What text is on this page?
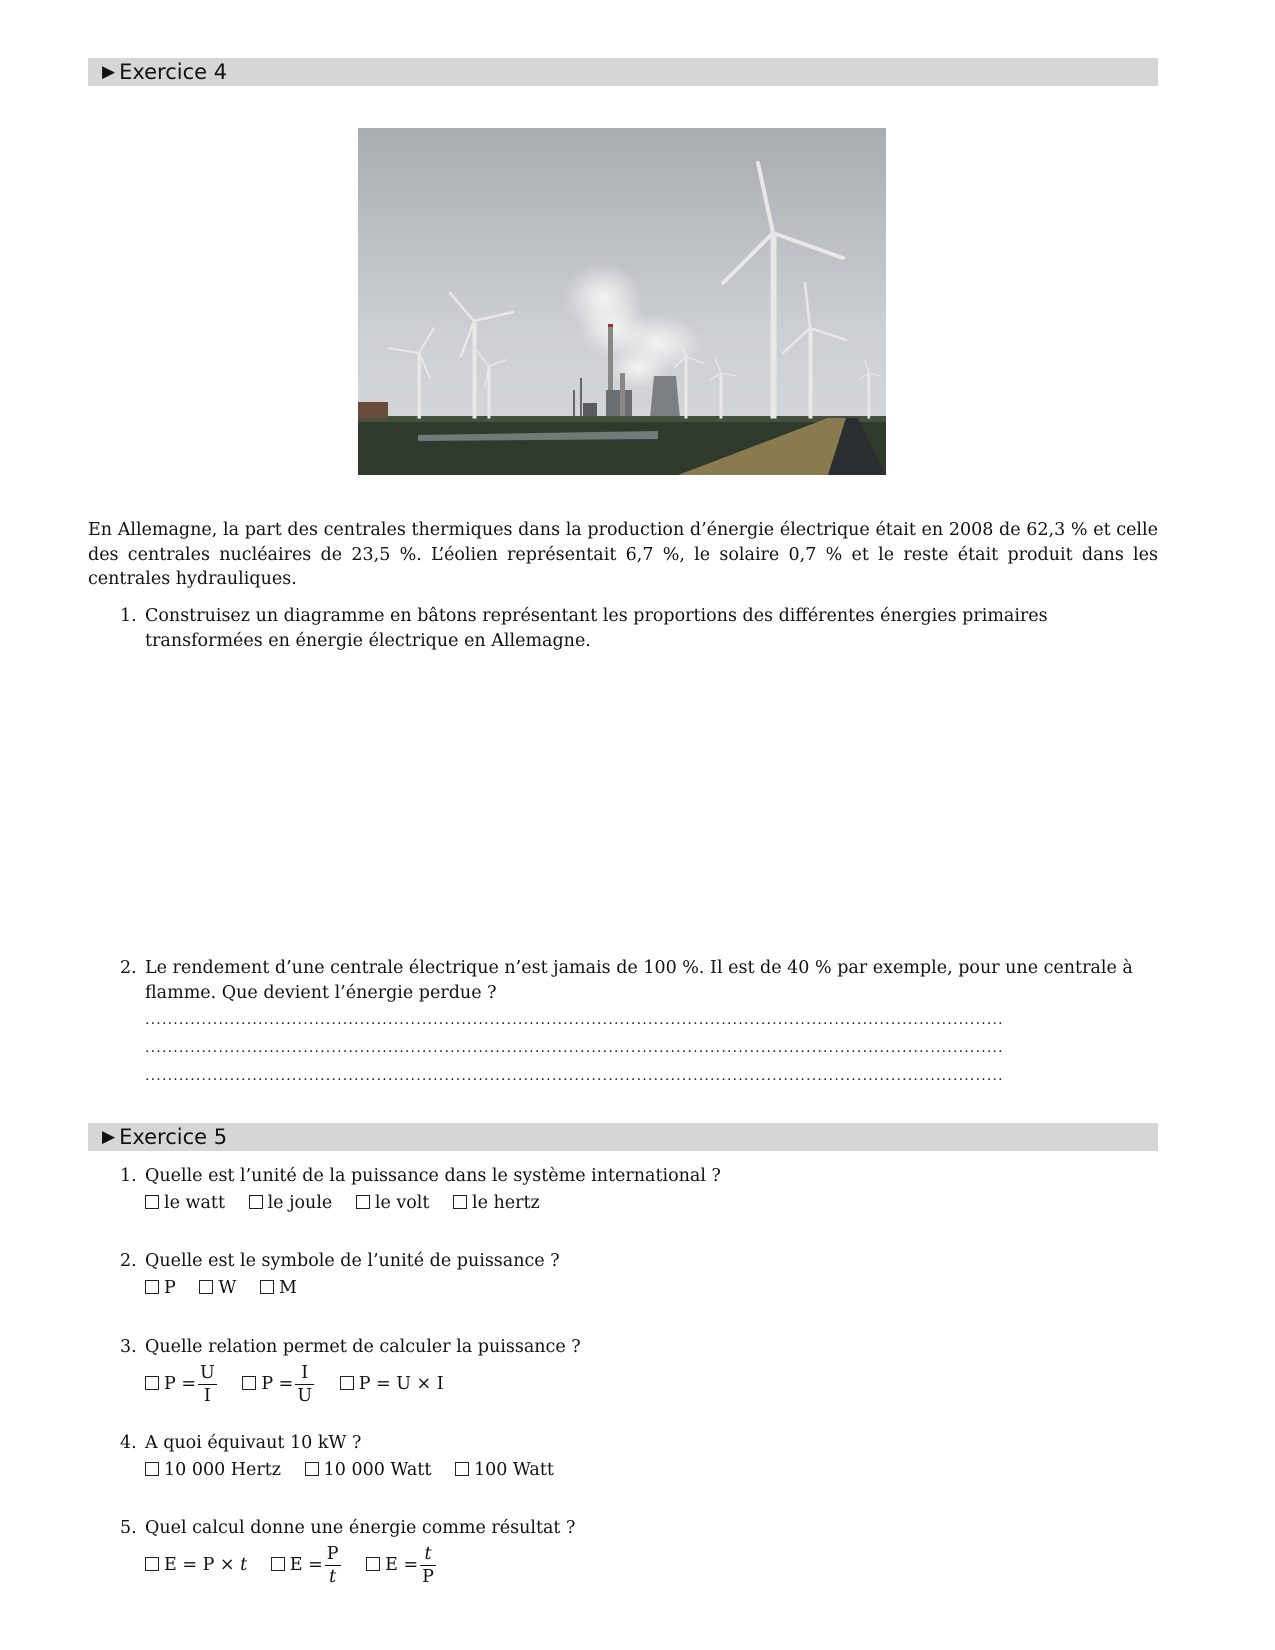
▶ Exercice 4
En Allemagne, la part des centrales thermiques dans la production d’énergie électrique était en 2008 de 62,3 % et celle des centrales nucléaires de 23,5 %. L’éolien représentait 6,7 %, le solaire 0,7 % et le reste était produit dans les centrales hydrauliques.
1. Construisez un diagramme en bâtons représentant les proportions des différentes énergies primaires transformées en énergie électrique en Allemagne.
2. Le rendement d’une centrale électrique n’est jamais de 100 %. Il est de 40 % par exemple, pour une centrale à flamme. Que devient l’énergie perdue ?
........................................................................................................................................................
........................................................................................................................................................
........................................................................................................................................................
▶ Exercice 5
1. Quelle est l’unité de la puissance dans le système international ?
le watt le joule le volt le hertz
2. Quelle est le symbole de l’unité de puissance ?
P W M
3. Quelle relation permet de calculer la puissance ?
$P = \frac{U}{I}$	$P = \frac{I}{U}$	P = U × I
4. A quoi équivaut 10 kW ?
10 000 Hertz 10 000 Watt 100 Watt
5. Quel calcul donne une énergie comme résultat ?
E = P × t $E = \frac{P}{t}$	$E = \frac{t}{P}$
